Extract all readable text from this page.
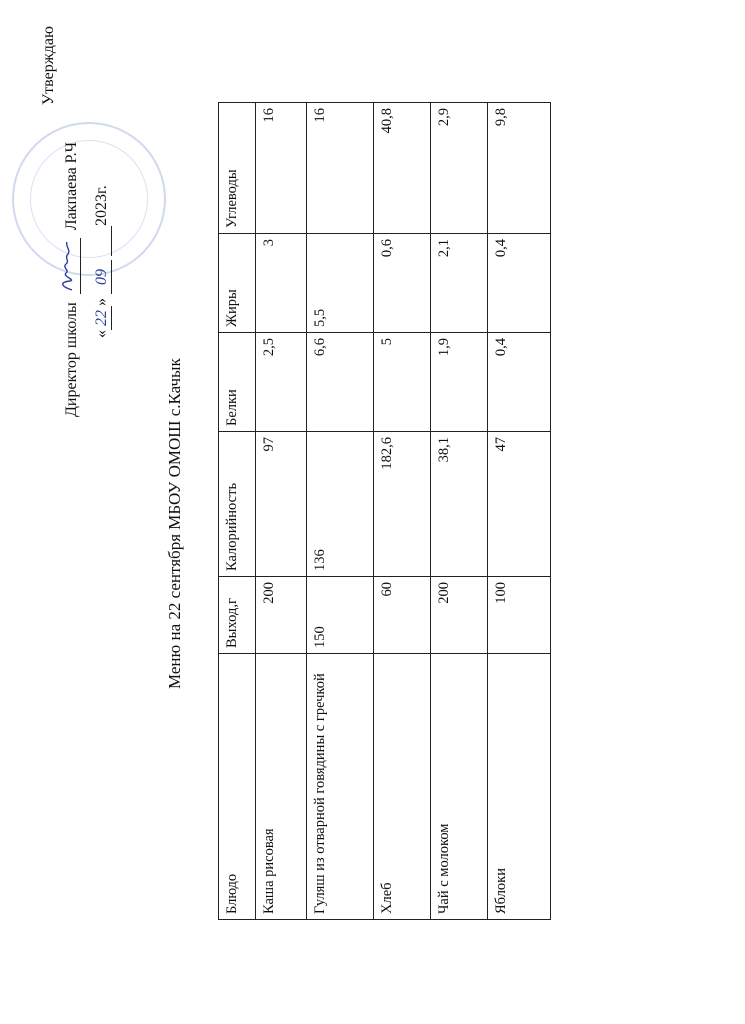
Утверждаю
Директор школы
Лакпаева Р.Ч
«22» 09  2023г.
Меню на 22 сентября МБОУ ОМОШ с.Качык
Блюдо	Выход,г	Калорийность	Белки	Жиры	Углеводы
Каша рисовая	200	97	2,5	3	16
Гуляш из отварной говядины с гречкой	150	136	6,6	5,5	16
Хлеб	60	182,6	5	0,6	40,8
Чай с молоком	200	38,1	1,9	2,1	2,9
Яблоки	100	47	0,4	0,4	9,8
